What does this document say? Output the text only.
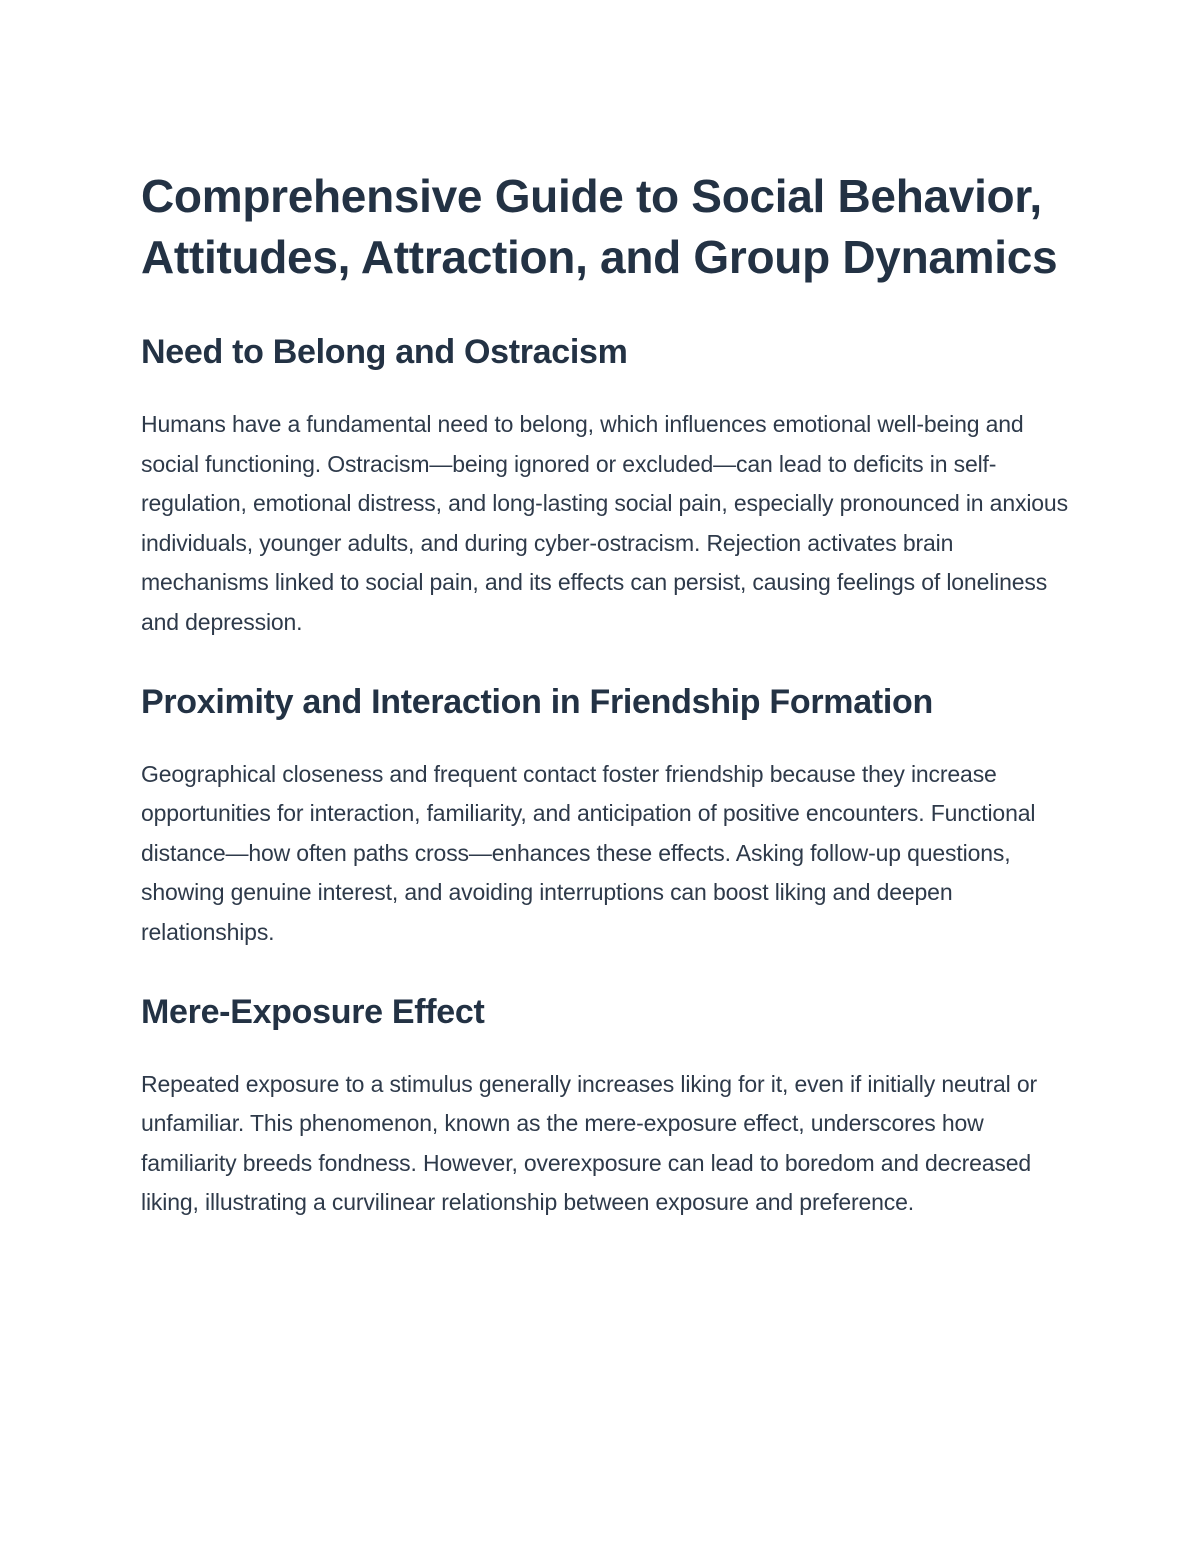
Comprehensive Guide to Social Behavior, Attitudes, Attraction, and Group Dynamics
Need to Belong and Ostracism

Humans have a fundamental need to belong, which influences emotional well-being and social functioning. Ostracism—being ignored or excluded—can lead to deficits in self-regulation, emotional distress, and long-lasting social pain, especially pronounced in anxious individuals, younger adults, and during cyber-ostracism. Rejection activates brain mechanisms linked to social pain, and its effects can persist, causing feelings of loneliness and depression.

Proximity and Interaction in Friendship Formation

Geographical closeness and frequent contact foster friendship because they increase opportunities for interaction, familiarity, and anticipation of positive encounters. Functional distance—how often paths cross—enhances these effects. Asking follow-up questions, showing genuine interest, and avoiding interruptions can boost liking and deepen relationships.

Mere-Exposure Effect

Repeated exposure to a stimulus generally increases liking for it, even if initially neutral or unfamiliar. This phenomenon, known as the mere-exposure effect, underscores how familiarity breeds fondness. However, overexposure can lead to boredom and decreased liking, illustrating a curvilinear relationship between exposure and preference.
